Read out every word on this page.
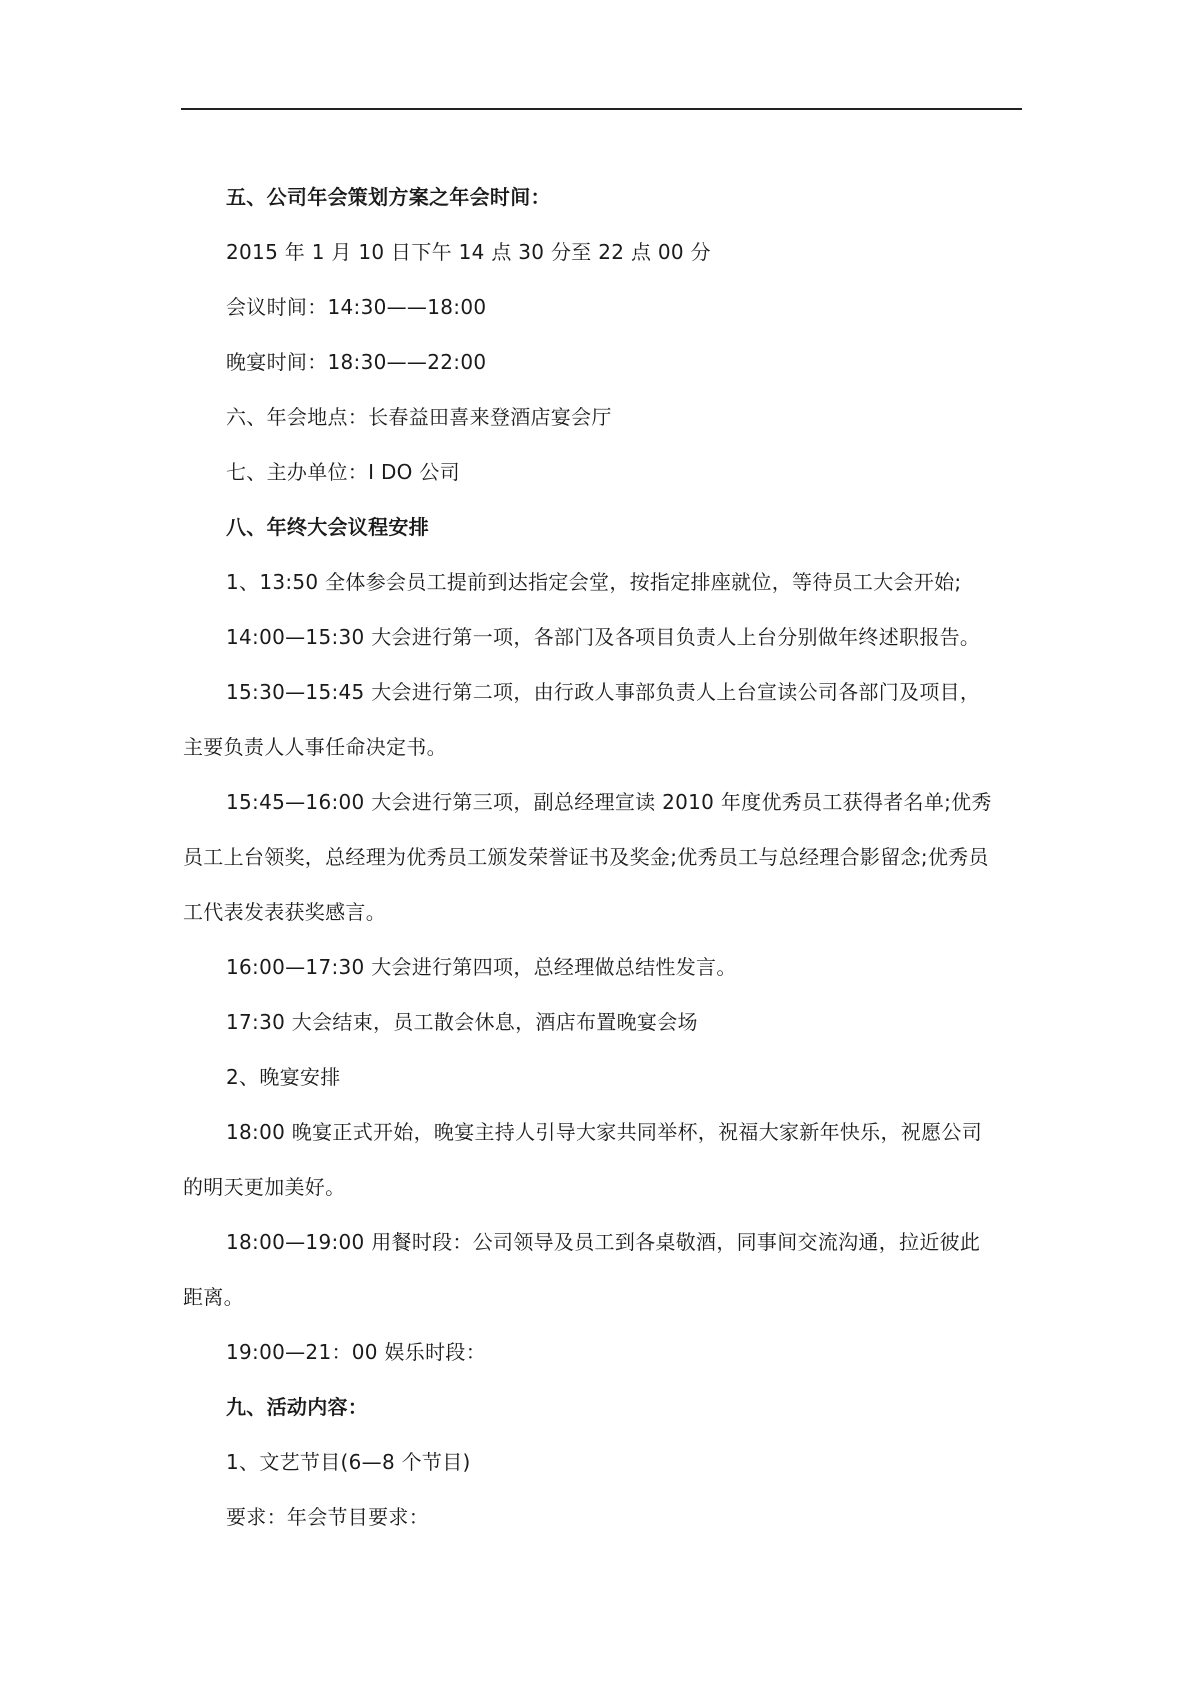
五、公司年会策划方案之年会时间：
2015 年 1 月 10 日下午 14 点 30 分至 22 点 00 分
会议时间：14:30——18:00
晚宴时间：18:30——22:00
六、年会地点：长春益田喜来登酒店宴会厅
七、主办单位：I DO 公司
八、年终大会议程安排
1、13:50 全体参会员工提前到达指定会堂，按指定排座就位，等待员工大会开始;
14:00—15:30 大会进行第一项，各部门及各项目负责人上台分别做年终述职报告。
15:30—15:45 大会进行第二项，由行政人事部负责人上台宣读公司各部门及项目，
主要负责人人事任命决定书。
15:45—16:00 大会进行第三项，副总经理宣读 2010 年度优秀员工获得者名单;优秀
员工上台领奖，总经理为优秀员工颁发荣誉证书及奖金;优秀员工与总经理合影留念;优秀员
工代表发表获奖感言。
16:00—17:30 大会进行第四项，总经理做总结性发言。
17:30 大会结束，员工散会休息，酒店布置晚宴会场
2、晚宴安排
18:00 晚宴正式开始，晚宴主持人引导大家共同举杯，祝福大家新年快乐，祝愿公司
的明天更加美好。
18:00—19:00 用餐时段：公司领导及员工到各桌敬酒，同事间交流沟通，拉近彼此
距离。
19:00—21：00 娱乐时段：
九、活动内容：
1、文艺节目(6—8 个节目)
要求：年会节目要求：
